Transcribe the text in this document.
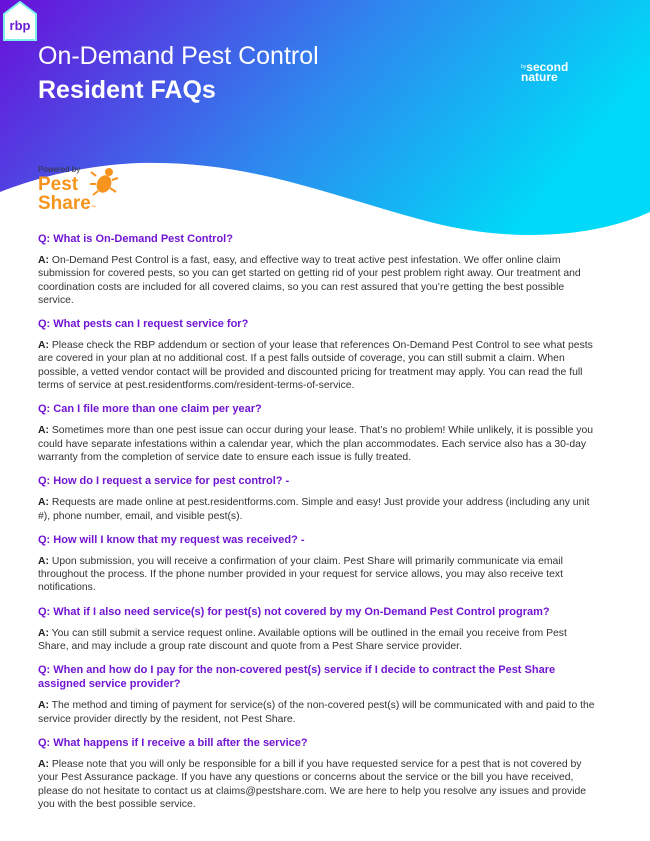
On-Demand Pest Control
Resident FAQs
rbp
$^{by}$second
nature
Powered by
Pest
Share™
Q: What is On-Demand Pest Control?
A: On-Demand Pest Control is a fast, easy, and effective way to treat active pest infestation. We offer online claim submission for covered pests, so you can get started on getting rid of your pest problem right away. Our treatment and coordination costs are included for all covered claims, so you can rest assured that you’re getting the best possible service.
Q: What pests can I request service for?
A: Please check the RBP addendum or section of your lease that references On-Demand Pest Control to see what pests are covered in your plan at no additional cost. If a pest falls outside of coverage, you can still submit a claim. When possible, a vetted vendor contact will be provided and discounted pricing for treatment may apply. You can read the full terms of service at pest.residentforms.com/resident-terms-of-service.
Q: Can I file more than one claim per year?
A: Sometimes more than one pest issue can occur during your lease. That’s no problem! While unlikely, it is possible you could have separate infestations within a calendar year, which the plan accommodates. Each service also has a 30-day warranty from the completion of service date to ensure each issue is fully treated.
Q: How do I request a service for pest control? -
A: Requests are made online at pest.residentforms.com. Simple and easy! Just provide your address (including any unit #), phone number, email, and visible pest(s).
Q: How will I know that my request was received? -
A: Upon submission, you will receive a confirmation of your claim. Pest Share will primarily communicate via email throughout the process. If the phone number provided in your request for service allows, you may also receive text notifications.
Q: What if I also need service(s) for pest(s) not covered by my On-Demand Pest Control program?
A: You can still submit a service request online. Available options will be outlined in the email you receive from Pest Share, and may include a group rate discount and quote from a Pest Share service provider.
Q: When and how do I pay for the non-covered pest(s) service if I decide to contract the Pest Share assigned service provider?
A: The method and timing of payment for service(s) of the non-covered pest(s) will be communicated with and paid to the service provider directly by the resident, not Pest Share.
Q: What happens if I receive a bill after the service?
A: Please note that you will only be responsible for a bill if you have requested service for a pest that is not covered by your Pest Assurance package. If you have any questions or concerns about the service or the bill you have received, please do not hesitate to contact us at claims@pestshare.com. We are here to help you resolve any issues and provide you with the best possible service.
